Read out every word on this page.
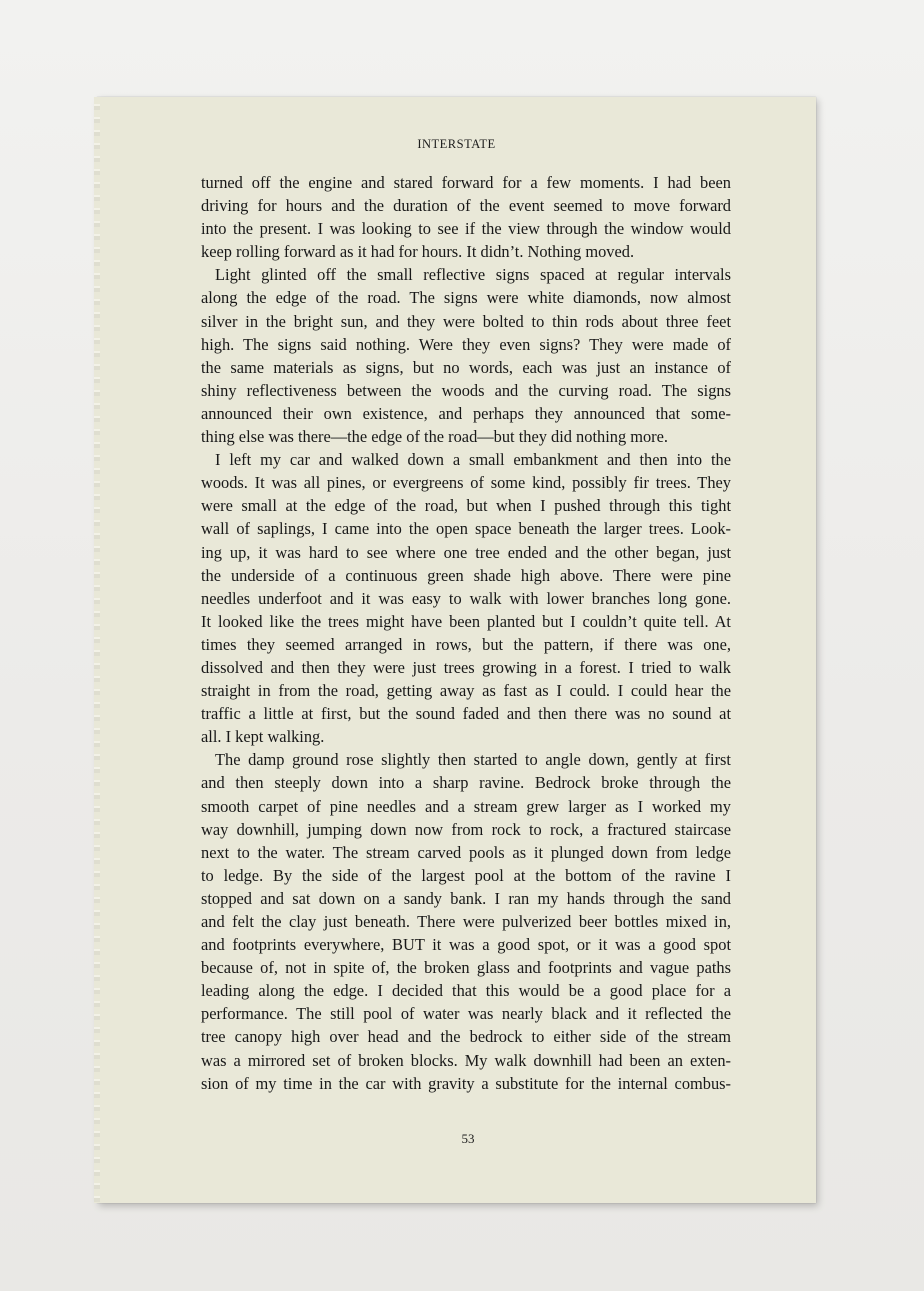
INTERSTATE
turned off the engine and stared forward for a few moments. I had been
driving for hours and the duration of the event seemed to move forward
into the present. I was looking to see if the view through the window would
keep rolling forward as it had for hours. It didn’t. Nothing moved.
Light glinted off the small reflective signs spaced at regular intervals
along the edge of the road. The signs were white diamonds, now almost
silver in the bright sun, and they were bolted to thin rods about three feet
high. The signs said nothing. Were they even signs? They were made of
the same materials as signs, but no words, each was just an instance of
shiny reflectiveness between the woods and the curving road. The signs
announced their own existence, and perhaps they announced that some-
thing else was there—the edge of the road—but they did nothing more.
I left my car and walked down a small embankment and then into the
woods. It was all pines, or evergreens of some kind, possibly fir trees. They
were small at the edge of the road, but when I pushed through this tight
wall of saplings, I came into the open space beneath the larger trees. Look-
ing up, it was hard to see where one tree ended and the other began, just
the underside of a continuous green shade high above. There were pine
needles underfoot and it was easy to walk with lower branches long gone.
It looked like the trees might have been planted but I couldn’t quite tell. At
times they seemed arranged in rows, but the pattern, if there was one,
dissolved and then they were just trees growing in a forest. I tried to walk
straight in from the road, getting away as fast as I could. I could hear the
traffic a little at first, but the sound faded and then there was no sound at
all. I kept walking.
The damp ground rose slightly then started to angle down, gently at first
and then steeply down into a sharp ravine. Bedrock broke through the
smooth carpet of pine needles and a stream grew larger as I worked my
way downhill, jumping down now from rock to rock, a fractured staircase
next to the water. The stream carved pools as it plunged down from ledge
to ledge. By the side of the largest pool at the bottom of the ravine I
stopped and sat down on a sandy bank. I ran my hands through the sand
and felt the clay just beneath. There were pulverized beer bottles mixed in,
and footprints everywhere, BUT it was a good spot, or it was a good spot
because of, not in spite of, the broken glass and footprints and vague paths
leading along the edge. I decided that this would be a good place for a
performance. The still pool of water was nearly black and it reflected the
tree canopy high over head and the bedrock to either side of the stream
was a mirrored set of broken blocks. My walk downhill had been an exten-
sion of my time in the car with gravity a substitute for the internal combus-
53
